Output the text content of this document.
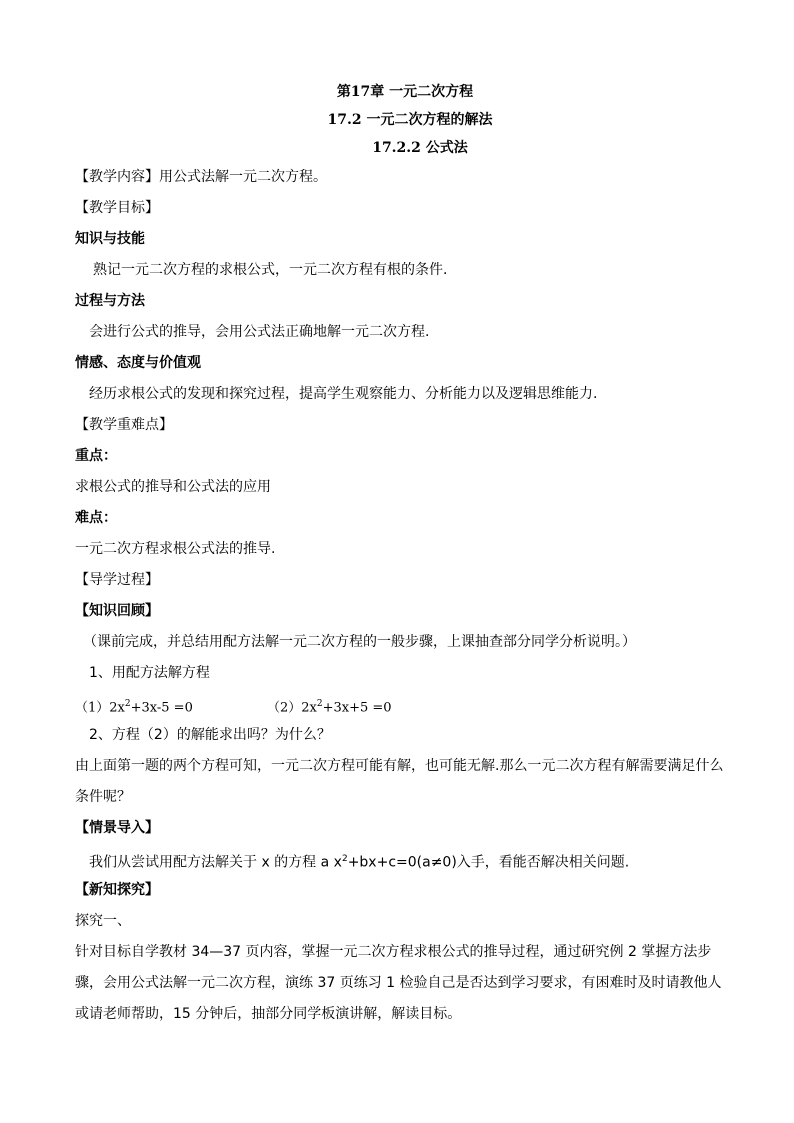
第17章 一元二次方程
17.2 一元二次方程的解法
17.2.2 公式法
【教学内容】用公式法解一元二次方程。
【教学目标】
知识与技能
熟记一元二次方程的求根公式，一元二次方程有根的条件.
过程与方法
会进行公式的推导，会用公式法正确地解一元二次方程.
情感、态度与价值观
经历求根公式的发现和探究过程，提高学生观察能力、分析能力以及逻辑思维能力.
【教学重难点】
重点：
求根公式的推导和公式法的应用
难点：
一元二次方程求根公式法的推导.
【导学过程】
【知识回顾】
（课前完成，并总结用配方法解一元二次方程的一般步骤，上课抽查部分同学分析说明。）
1、用配方法解方程
$(1)2x^2+3x-5 =0$	$(2)2x^2+3x+5 =0$
2、方程（2）的解能求出吗？为什么？
由上面第一题的两个方程可知，一元二次方程可能有解，也可能无解.那么一元二次方程有解需要满足什么条件呢？
【情景导入】
我们从尝试用配方法解关于 x 的方程 a $x^2+bx+c=0(a\ne 0)$入手，看能否解决相关问题.
【新知探究】
探究一、
针对目标自学教材 34—37 页内容，掌握一元二次方程求根公式的推导过程，通过研究例 2 掌握方法步骤，会用公式法解一元二次方程，演练 37 页练习 1 检验自己是否达到学习要求，有困难时及时请教他人或请老师帮助，15 分钟后，抽部分同学板演讲解，解读目标。
